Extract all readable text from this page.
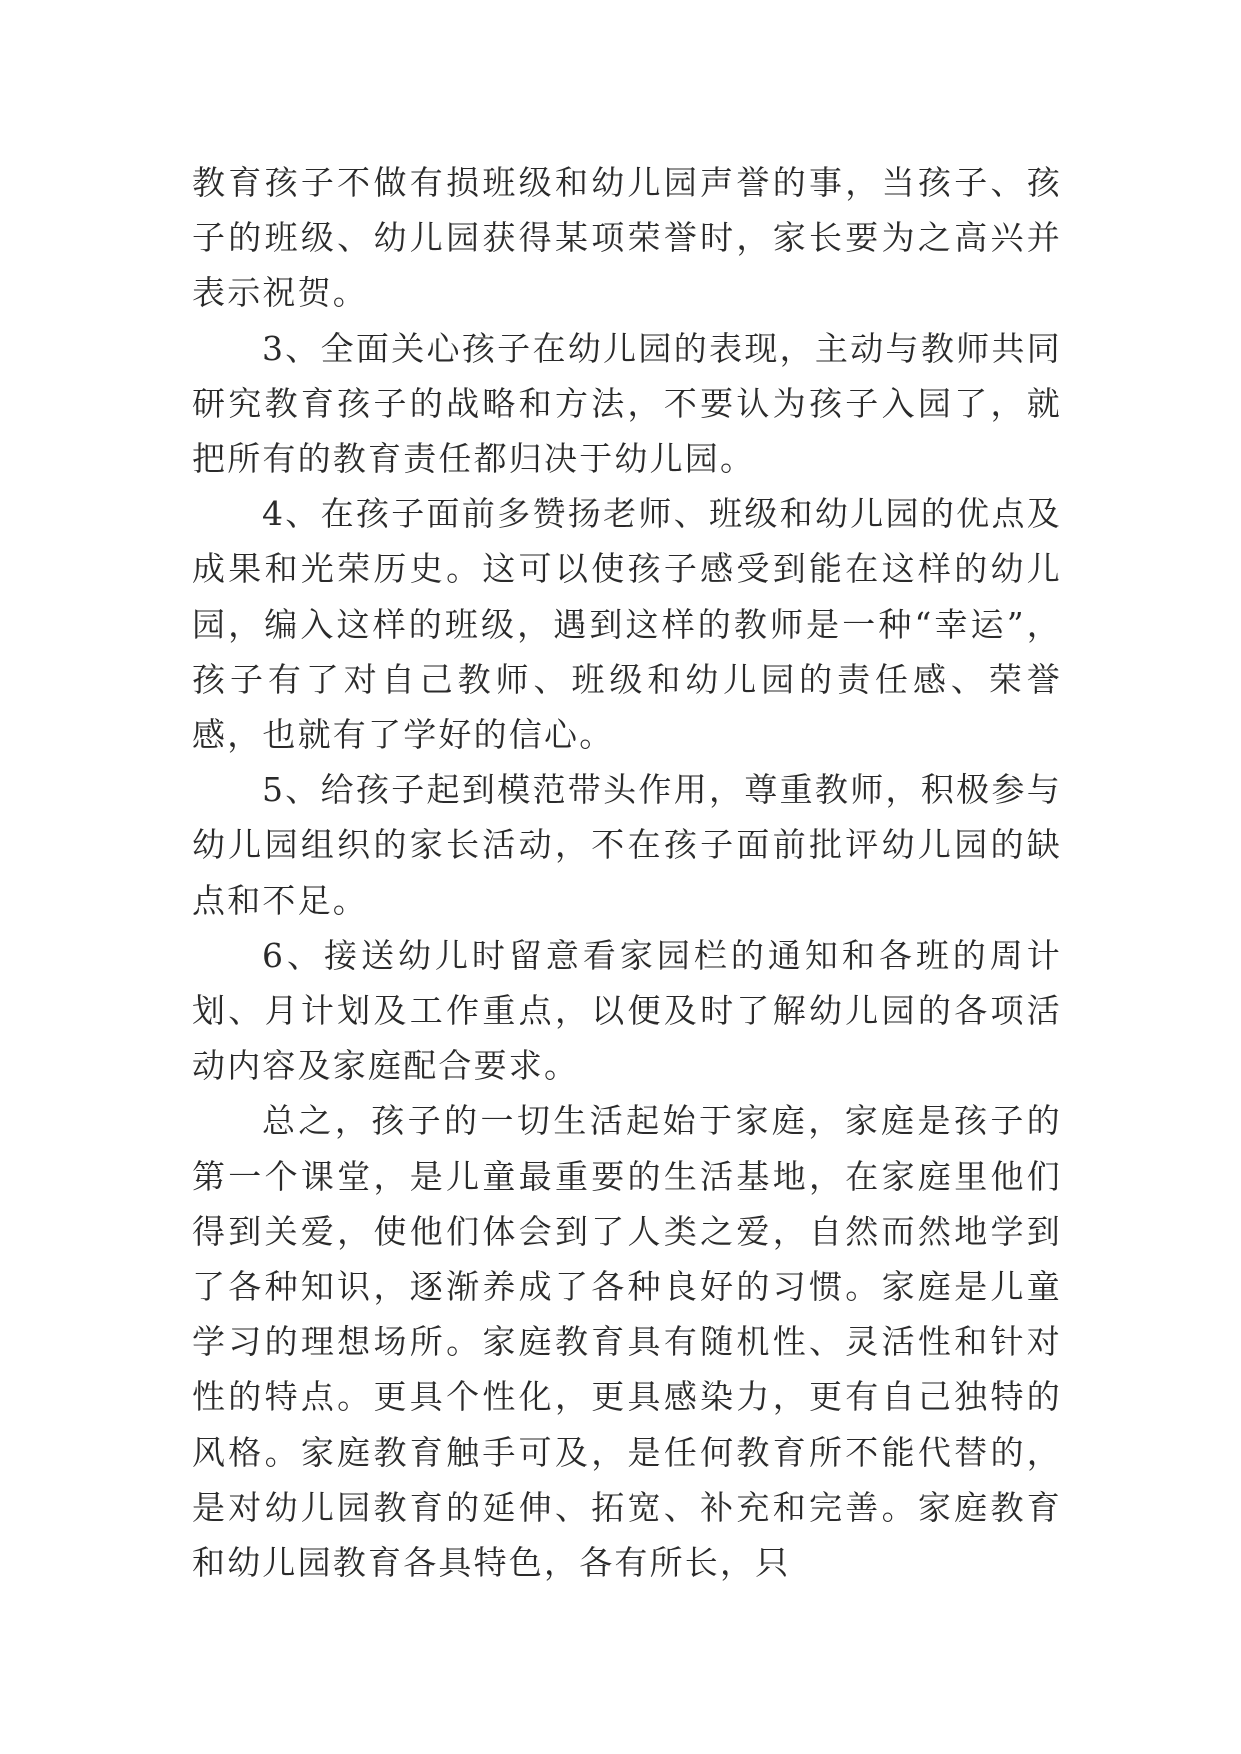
教育孩子不做有损班级和幼儿园声誉的事，当孩子、孩子的班级、幼儿园获得某项荣誉时，家长要为之高兴并表示祝贺。

3、全面关心孩子在幼儿园的表现，主动与教师共同研究教育孩子的战略和方法，不要认为孩子入园了，就把所有的教育责任都归决于幼儿园。

4、在孩子面前多赞扬老师、班级和幼儿园的优点及成果和光荣历史。这可以使孩子感受到能在这样的幼儿园，编入这样的班级，遇到这样的教师是一种“幸运”，孩子有了对自己教师、班级和幼儿园的责任感、荣誉感，也就有了学好的信心。

5、给孩子起到模范带头作用，尊重教师，积极参与幼儿园组织的家长活动，不在孩子面前批评幼儿园的缺点和不足。

6、接送幼儿时留意看家园栏的通知和各班的周计划、月计划及工作重点，以便及时了解幼儿园的各项活动内容及家庭配合要求。

总之，孩子的一切生活起始于家庭，家庭是孩子的第一个课堂，是儿童最重要的生活基地，在家庭里他们得到关爱，使他们体会到了人类之爱，自然而然地学到了各种知识，逐渐养成了各种良好的习惯。家庭是儿童学习的理想场所。家庭教育具有随机性、灵活性和针对性的特点。更具个性化，更具感染力，更有自己独特的风格。家庭教育触手可及，是任何教育所不能代替的，是对幼儿园教育的延伸、拓宽、补充和完善。家庭教育和幼儿园教育各具特色，各有所长，只
